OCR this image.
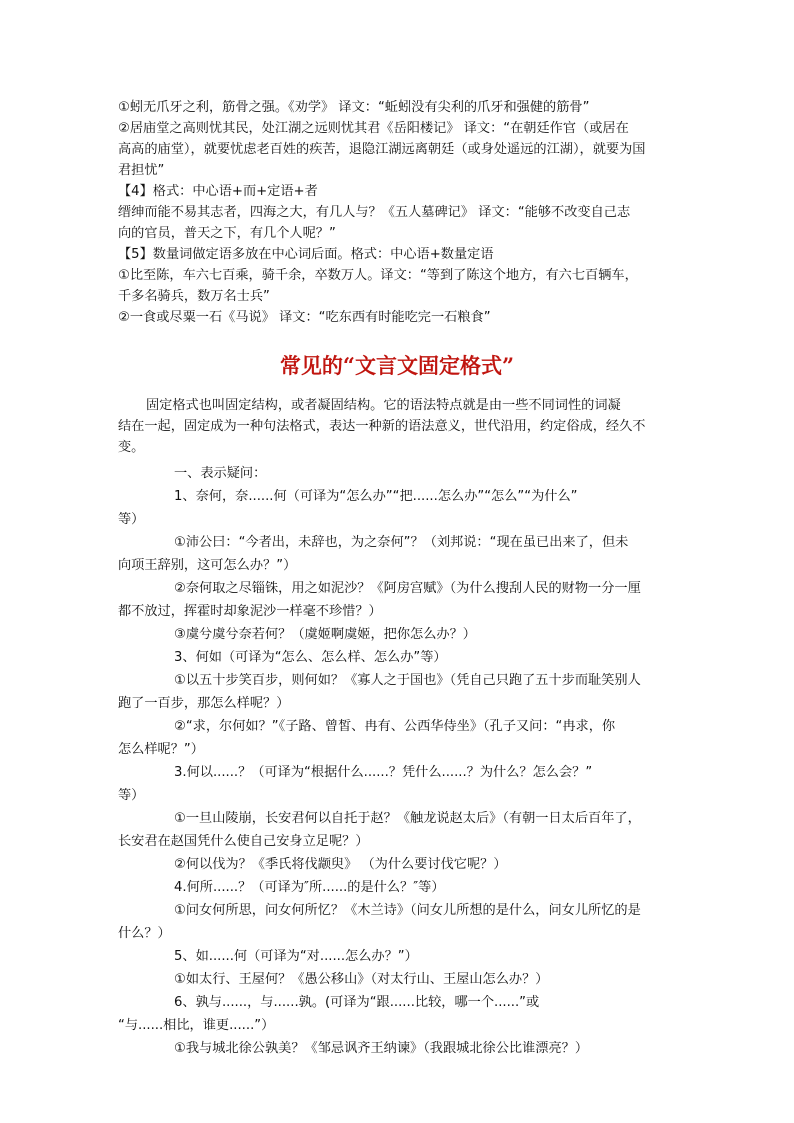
①蚓无爪牙之利，筋骨之强。《劝学》 译文：“蚯蚓没有尖利的爪牙和强健的筋骨”
②居庙堂之高则忧其民，处江湖之远则忧其君《岳阳楼记》 译文：“在朝廷作官（或居在
高高的庙堂），就要忧虑老百姓的疾苦，退隐江湖远离朝廷（或身处遥远的江湖），就要为国
君担忧”
【4】格式：中心语+而+定语+者
缙绅而能不易其志者，四海之大，有几人与？《五人墓碑记》 译文：“能够不改变自己志
向的官员，普天之下，有几个人呢？”
【5】数量词做定语多放在中心词后面。格式：中心语+数量定语
①比至陈，车六七百乘，骑千余，卒数万人。译文：“等到了陈这个地方，有六七百辆车，
千多名骑兵，数万名士兵”
②一食或尽粟一石《马说》 译文：“吃东西有时能吃完一石粮食”
常见的“文言文固定格式”
固定格式也叫固定结构，或者凝固结构。它的语法特点就是由一些不同词性的词凝
结在一起，固定成为一种句法格式，表达一种新的语法意义，世代沿用，约定俗成，经久不
变。
一、表示疑问：
1、奈何，奈......何（可译为“怎么办”“把......怎么办”“怎么”“为什么”
等）
①沛公曰：“今者出，未辞也，为之奈何”？（刘邦说：“现在虽已出来了，但未
向项王辞别，这可怎么办？”）
②奈何取之尽锱铢，用之如泥沙？《阿房宫赋》（为什么搜刮人民的财物一分一厘
都不放过，挥霍时却象泥沙一样毫不珍惜？）
③虞兮虞兮奈若何？（虞姬啊虞姬，把你怎么办？）
3、何如（可译为“怎么、怎么样、怎么办”等）
①以五十步笑百步，则何如？《寡人之于国也》（凭自己只跑了五十步而耻笑别人
跑了一百步，那怎么样呢？）
②“求，尔何如？”《子路、曾皙、冉有、公西华侍坐》（孔子又问：“冉求，你
怎么样呢？”）
3.何以......？（可译为“根据什么......？凭什么......？为什么？怎么会？”
等）
①一旦山陵崩，长安君何以自托于赵？《触龙说赵太后》（有朝一日太后百年了，
长安君在赵国凭什么使自己安身立足呢？）
②何以伐为？《季氏将伐颛臾》 （为什么要讨伐它呢？）
4.何所......？（可译为″所......的是什么？″等）
①问女何所思，问女何所忆？《木兰诗》（问女儿所想的是什么，问女儿所忆的是
什么？）
5、如......何（可译为“对......怎么办？”）
①如太行、王屋何？《愚公移山》（对太行山、王屋山怎么办？）
6、孰与......，与......孰。(可译为“跟......比较，哪一个......”或
“与......相比，谁更......”）
①我与城北徐公孰美？《邹忌讽齐王纳谏》（我跟城北徐公比谁漂亮？）
